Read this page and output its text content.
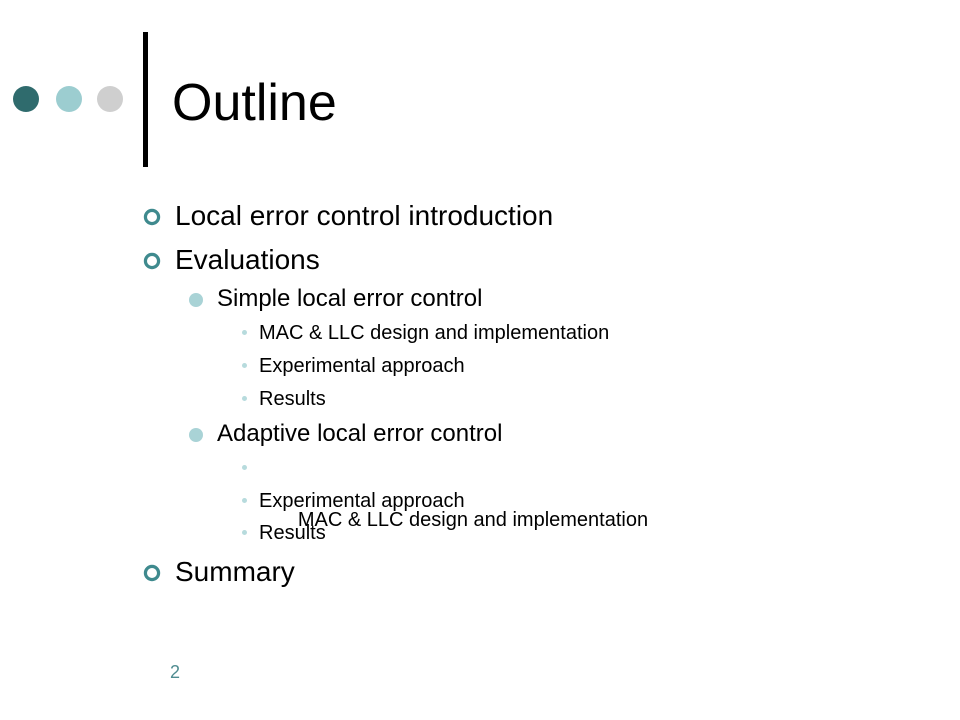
Outline
Local error control introduction
Evaluations
Simple local error control
MAC & LLC design and implementation
Experimental approach
Results
Adaptive local error control

MAC & LLC design and implementation

Experimental approach
Results
Summary
2
